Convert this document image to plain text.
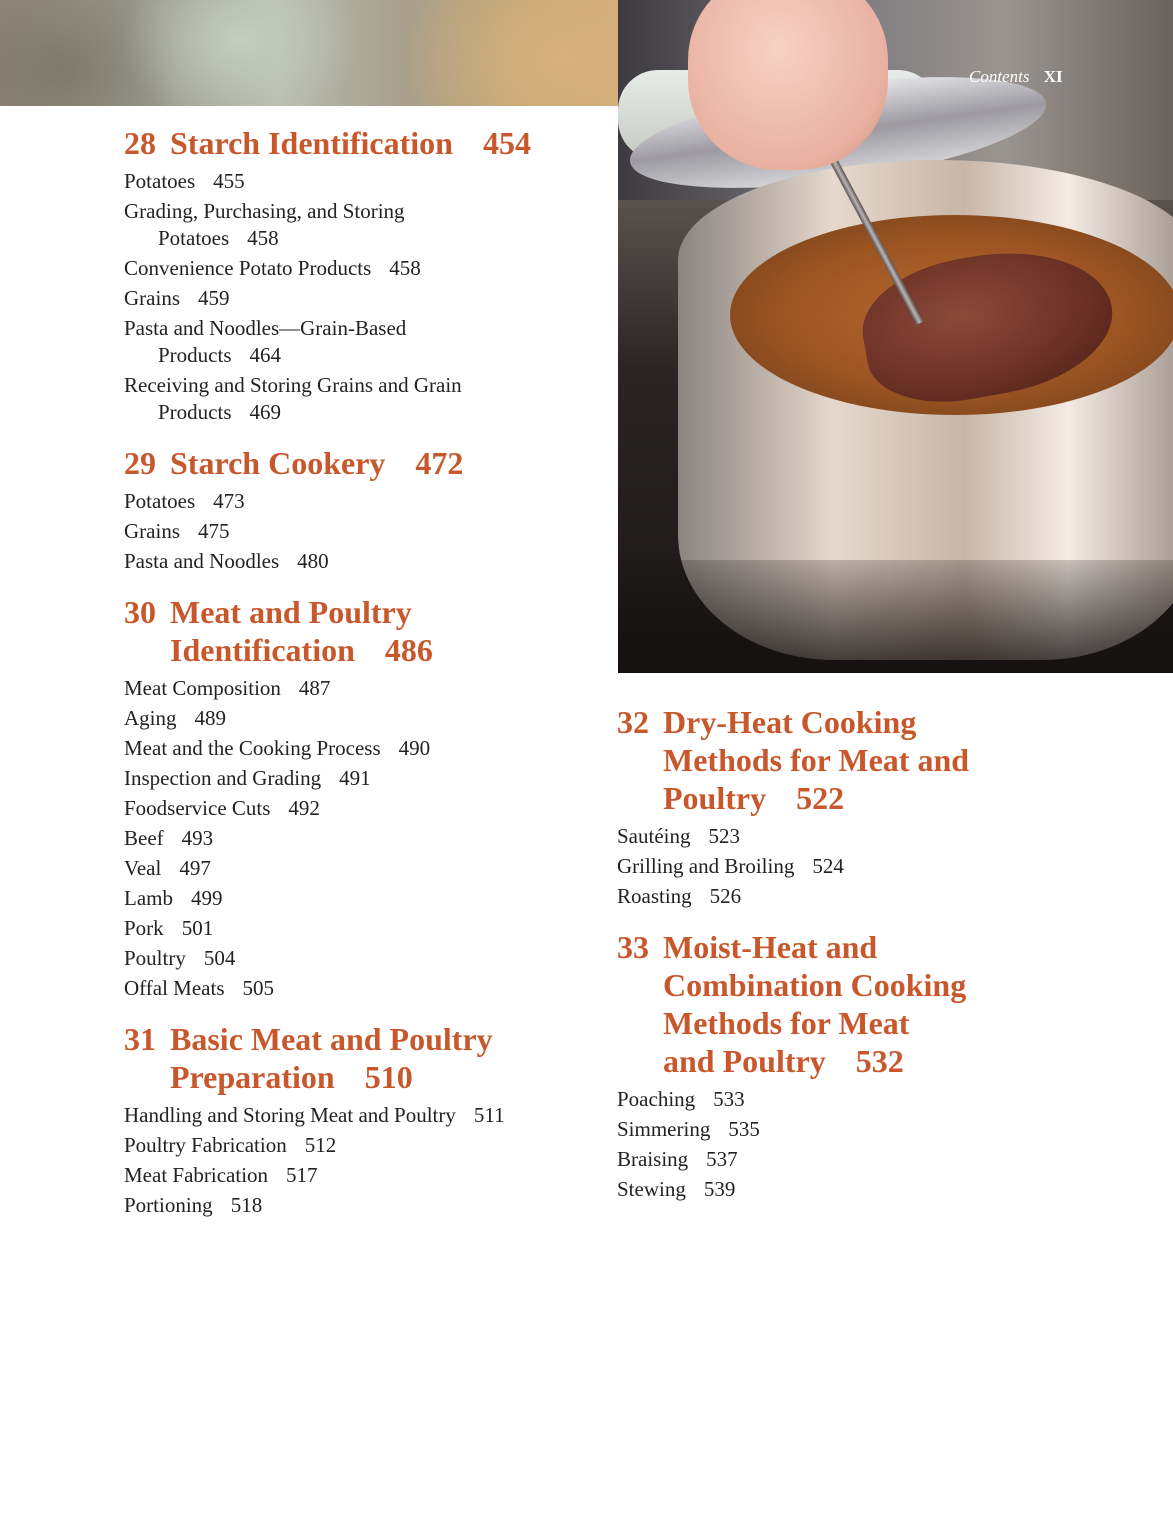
Contents XI
28 Starch Identification 454
Potatoes 455
Grading, Purchasing, and Storing
Potatoes 458
Convenience Potato Products 458
Grains 459
Pasta and Noodles—Grain-Based
Products 464
Receiving and Storing Grains and Grain
Products 469
29 Starch Cookery 472
Potatoes 473
Grains 475
Pasta and Noodles 480
30 Meat and Poultry
Identification 486
Meat Composition 487
Aging 489
Meat and the Cooking Process 490
Inspection and Grading 491
Foodservice Cuts 492
Beef 493
Veal 497
Lamb 499
Pork 501
Poultry 504
Offal Meats 505
31 Basic Meat and Poultry
Preparation 510
Handling and Storing Meat and Poultry 511
Poultry Fabrication 512
Meat Fabrication 517
Portioning 518
32 Dry-Heat Cooking
Methods for Meat and
Poultry 522
Sautéing 523
Grilling and Broiling 524
Roasting 526
33 Moist-Heat and
Combination Cooking
Methods for Meat
and Poultry 532
Poaching 533
Simmering 535
Braising 537
Stewing 539
